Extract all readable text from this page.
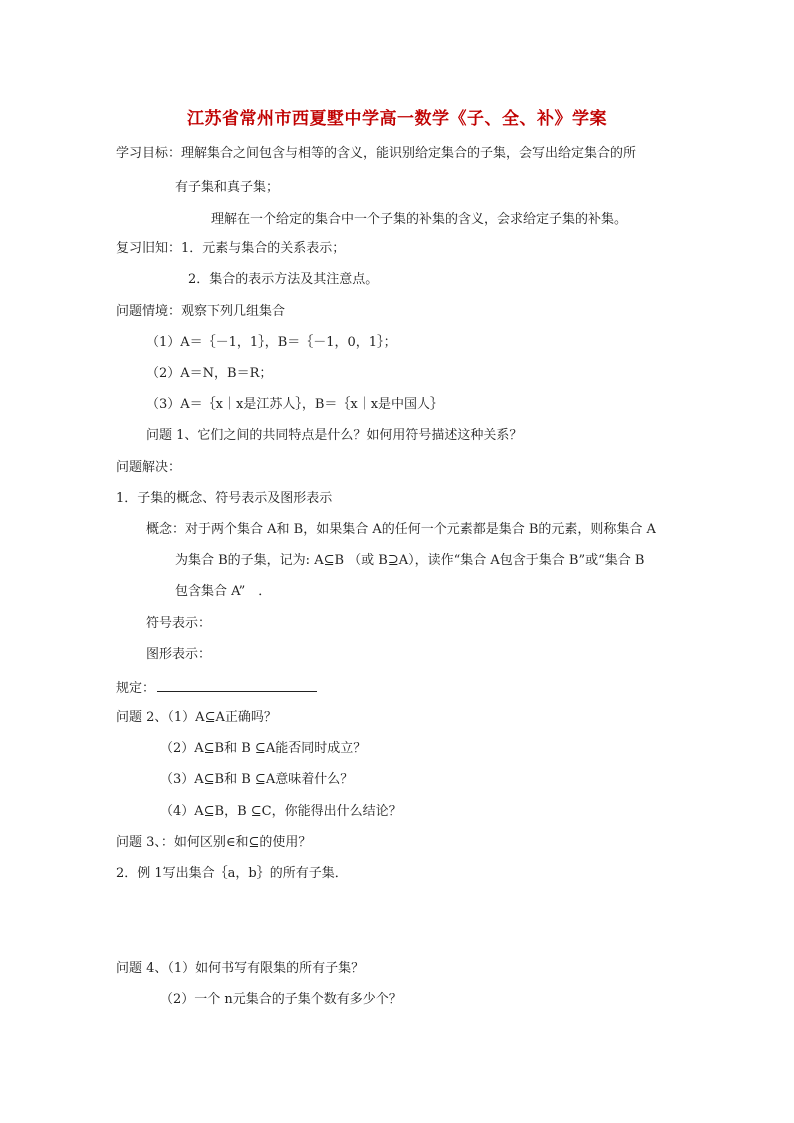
江苏省常州市西夏墅中学高一数学《子、全、补》学案
学习目标：理解集合之间包含与相等的含义，能识别给定集合的子集，会写出给定集合的所
有子集和真子集；
理解在一个给定的集合中一个子集的补集的含义，会求给定子集的补集。
复习旧知：1．元素与集合的关系表示；
2．集合的表示方法及其注意点。
问题情境：观察下列几组集合
（1）A＝｛－1，1｝，B＝｛－1，0，1｝；
（2）A＝N，B＝R；
（3）A＝｛x｜x是江苏人｝，B＝｛x｜x是中国人｝
问题 1、它们之间的共同特点是什么？如何用符号描述这种关系？
问题解决：
1．子集的概念、符号表示及图形表示
概念：对于两个集合 A和 B，如果集合 A的任何一个元素都是集合 B的元素，则称集合 A
为集合 B的子集，记为: A⊆B （或 B⊇A），读作“集合 A包含于集合 B”或“集合 B
包含集合 A”　．
符号表示：
图形表示：
规定：
问题 2、（1）A⊆A正确吗？
（2）A⊆B和 B ⊆A能否同时成立？
（3）A⊆B和 B ⊆A意味着什么？
（4）A⊆B，B ⊆C，你能得出什么结论？
问题 3、：如何区别∈和⊆的使用？
2．例 1写出集合｛a，b｝的所有子集．
问题 4、（1）如何书写有限集的所有子集？
（2）一个 n元集合的子集个数有多少个？
